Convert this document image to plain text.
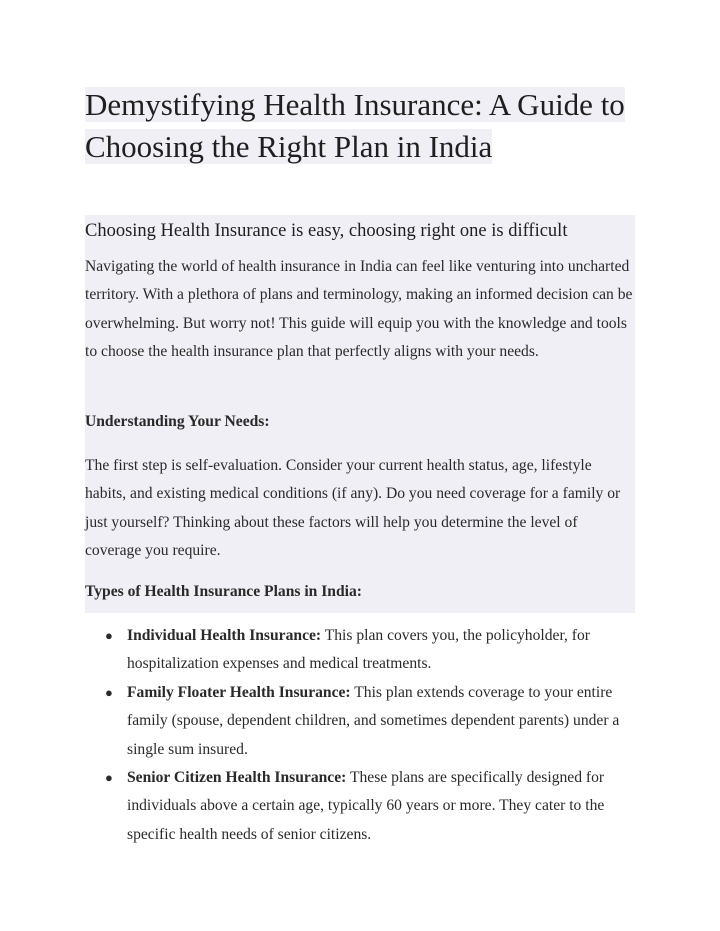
Demystifying Health Insurance: A Guide to Choosing the Right Plan in India
Choosing Health Insurance is easy, choosing right one is difficult

Navigating the world of health insurance in India can feel like venturing into uncharted territory. With a plethora of plans and terminology, making an informed decision can be overwhelming. But worry not! This guide will equip you with the knowledge and tools to choose the health insurance plan that perfectly aligns with your needs.

Understanding Your Needs:

The first step is self-evaluation. Consider your current health status, age, lifestyle habits, and existing medical conditions (if any). Do you need coverage for a family or just yourself? Thinking about these factors will help you determine the level of coverage you require.

Types of Health Insurance Plans in India:
● Individual Health Insurance: This plan covers you, the policyholder, for hospitalization expenses and medical treatments.
● Family Floater Health Insurance: This plan extends coverage to your entire family (spouse, dependent children, and sometimes dependent parents) under a single sum insured.
● Senior Citizen Health Insurance: These plans are specifically designed for individuals above a certain age, typically 60 years or more. They cater to the specific health needs of senior citizens.
